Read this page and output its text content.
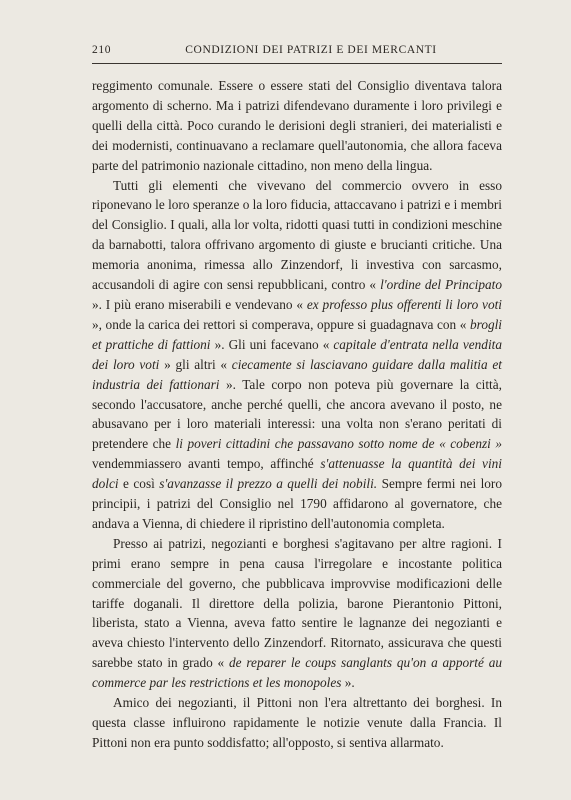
210	CONDIZIONI DEI PATRIZI E DEI MERCANTI

reggimento comunale. Essere o essere stati del Consiglio diventava talora argomento di scherno. Ma i patrizi difendevano duramente i loro privilegi e quelli della città. Poco curando le derisioni degli stranieri, dei materialisti e dei modernisti, continuavano a reclamare quell'autonomia, che allora faceva parte del patrimonio nazionale cittadino, non meno della lingua.

Tutti gli elementi che vivevano del commercio ovvero in esso riponevano le loro speranze o la loro fiducia, attaccavano i patrizi e i membri del Consiglio. I quali, alla lor volta, ridotti quasi tutti in condizioni meschine da barnabotti, talora offrivano argomento di giuste e brucianti critiche. Una memoria anonima, rimessa allo Zinzendorf, li investiva con sarcasmo, accusandoli di agire con sensi repubblicani, contro « l'ordine del Principato ». I più erano miserabili e vendevano « ex professo plus offerenti li loro voti », onde la carica dei rettori si comperava, oppure si guadagnava con « brogli et prattiche di fattioni ». Gli uni facevano « capitale d'entrata nella vendita dei loro voti » gli altri « ciecamente si lasciavano guidare dalla malitia et industria dei fattionari ». Tale corpo non poteva più governare la città, secondo l'accusatore, anche perché quelli, che ancora avevano il posto, ne abusavano per i loro materiali interessi: una volta non s'erano peritati di pretendere che li poveri cittadini che passavano sotto nome de « cobenzi » vendemmiassero avanti tempo, affinché s'attenuasse la quantità dei vini dolci e così s'avanzasse il prezzo a quelli dei nobili. Sempre fermi nei loro principii, i patrizi del Consiglio nel 1790 affidarono al governatore, che andava a Vienna, di chiedere il ripristino dell'autonomia completa.

Presso ai patrizi, negozianti e borghesi s'agitavano per altre ragioni. I primi erano sempre in pena causa l'irregolare e incostante politica commerciale del governo, che pubblicava improvvise modificazioni delle tariffe doganali. Il direttore della polizia, barone Pierantonio Pittoni, liberista, stato a Vienna, aveva fatto sentire le lagnanze dei negozianti e aveva chiesto l'intervento dello Zinzendorf. Ritornato, assicurava che questi sarebbe stato in grado « de reparer le coups sanglants qu'on a apporté au commerce par les restrictions et les monopoles ».

Amico dei negozianti, il Pittoni non l'era altrettanto dei borghesi. In questa classe influirono rapidamente le notizie venute dalla Francia. Il Pittoni non era punto soddisfatto; all'opposto, si sentiva allarmato.
